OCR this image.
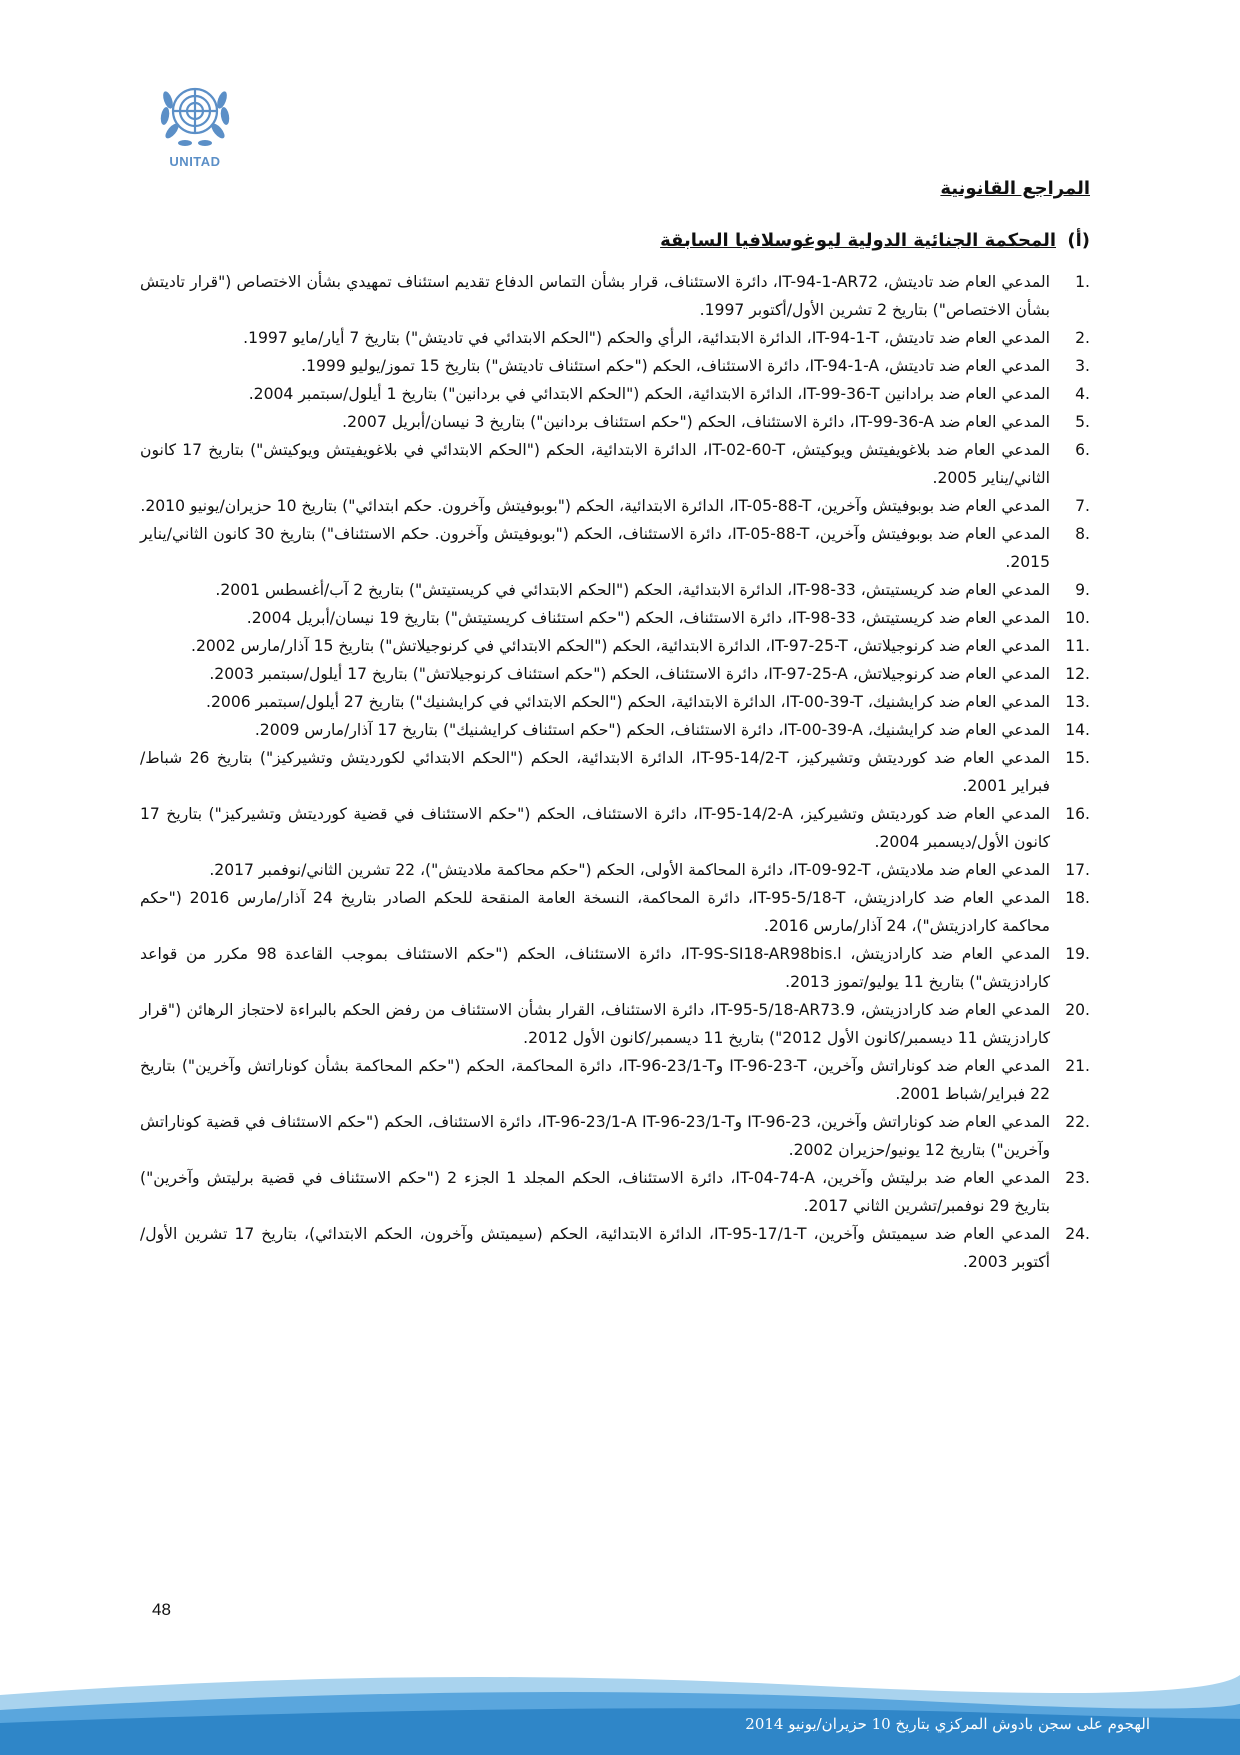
UNITAD
المراجع القانونية
(أ)
المحكمة الجنائية الدولية ليوغوسلافيا السابقة
1.
المدعي العام ضد تاديتش، IT-94-1-AR72، دائرة الاستئناف، قرار بشأن التماس الدفاع تقديم استئناف تمهيدي بشأن الاختصاص ("قرار تاديتش بشأن الاختصاص") بتاريخ 2 تشرين الأول/أكتوبر 1997.
2.
المدعي العام ضد تاديتش، IT-94-1-T، الدائرة الابتدائية، الرأي والحكم ("الحكم الابتدائي في تاديتش") بتاريخ 7 أيار/مايو 1997.
3.
المدعي العام ضد تاديتش، IT-94-1-A، دائرة الاستئناف، الحكم ("حكم استئناف تاديتش") بتاريخ 15 تموز/يوليو 1999.
4.
المدعي العام ضد برادانين IT-99-36-T، الدائرة الابتدائية، الحكم ("الحكم الابتدائي في بردانين") بتاريخ 1 أيلول/سبتمبر 2004.
5.
المدعي العام ضد IT-99-36-A، دائرة الاستئناف، الحكم ("حكم استئناف بردانين") بتاريخ 3 نيسان/أبريل 2007.
6.
المدعي العام ضد بلاغويفيتش ويوكيتش، IT-02-60-T، الدائرة الابتدائية، الحكم ("الحكم الابتدائي في بلاغويفيتش ويوكيتش") بتاريخ 17 كانون الثاني/يناير 2005.
7.
المدعي العام ضد بوبوفيتش وآخرين، IT-05-88-T، الدائرة الابتدائية، الحكم ("بوبوفيتش وآخرون. حكم ابتدائي") بتاريخ 10 حزيران/يونيو 2010.
8.
المدعي العام ضد بوبوفيتش وآخرين، IT-05-88-T، دائرة الاستئناف، الحكم ("بوبوفيتش وآخرون. حكم الاستئناف") بتاريخ 30 كانون الثاني/يناير 2015.
9.
المدعي العام ضد كريستيتش، IT-98-33، الدائرة الابتدائية، الحكم ("الحكم الابتدائي في كريستيتش") بتاريخ 2 آب/أغسطس 2001.
10.
المدعي العام ضد كريستيتش، IT-98-33، دائرة الاستئناف، الحكم ("حكم استئناف كريستيتش") بتاريخ 19 نيسان/أبريل 2004.
11.
المدعي العام ضد كرنوجيلاتش، IT-97-25-T، الدائرة الابتدائية، الحكم ("الحكم الابتدائي في كرنوجيلاتش") بتاريخ 15 آذار/مارس 2002.
12.
المدعي العام ضد كرنوجيلاتش، IT-97-25-A، دائرة الاستئناف، الحكم ("حكم استئناف كرنوجيلاتش") بتاريخ 17 أيلول/سبتمبر 2003.
13.
المدعي العام ضد كرايشنيك، IT-00-39-T، الدائرة الابتدائية، الحكم ("الحكم الابتدائي في كرايشنيك") بتاريخ 27 أيلول/سبتمبر 2006.
14.
المدعي العام ضد كرايشنيك، IT-00-39-A، دائرة الاستئناف، الحكم ("حكم استئناف كرايشنيك") بتاريخ 17 آذار/مارس 2009.
15.
المدعي العام ضد كورديتش وتشيركيز، IT-95-14/2-T، الدائرة الابتدائية، الحكم ("الحكم الابتدائي لكورديتش وتشيركيز") بتاريخ 26 شباط/فبراير 2001.
16.
المدعي العام ضد كورديتش وتشيركيز، IT-95-14/2-A، دائرة الاستئناف، الحكم ("حكم الاستئناف في قضية كورديتش وتشيركيز") بتاريخ 17 كانون الأول/ديسمبر 2004.
17.
المدعي العام ضد ملاديتش، IT-09-92-T، دائرة المحاكمة الأولى، الحكم ("حكم محاكمة ملاديتش")، 22 تشرين الثاني/نوفمبر 2017.
18.
المدعي العام ضد كارادزيتش، IT-95-5/18-T، دائرة المحاكمة، النسخة العامة المنقحة للحكم الصادر بتاريخ 24 آذار/مارس 2016 ("حكم محاكمة كارادزيتش")، 24 آذار/مارس 2016.
19.
المدعي العام ضد كارادزيتش، IT-9S-SI18-AR98bis.l، دائرة الاستئناف، الحكم ("حكم الاستئناف بموجب القاعدة 98 مكرر من قواعد كارادزيتش") بتاريخ 11 يوليو/تموز 2013.
20.
المدعي العام ضد كارادزيتش، IT-95-5/18-AR73.9، دائرة الاستئناف، القرار بشأن الاستئناف من رفض الحكم بالبراءة لاحتجاز الرهائن ("قرار كارادزيتش 11 ديسمبر/كانون الأول 2012") بتاريخ 11 ديسمبر/كانون الأول 2012.
21.
المدعي العام ضد كوناراتش وآخرين، IT-96-23-T وIT-96-23/1-T، دائرة المحاكمة، الحكم ("حكم المحاكمة بشأن كوناراتش وآخرين") بتاريخ 22 فبراير/شباط 2001.
22.
المدعي العام ضد كوناراتش وآخرين، IT-96-23 وIT-96-23/1-A IT-96-23/1-T، دائرة الاستئناف، الحكم ("حكم الاستئناف في قضية كوناراتش وآخرين") بتاريخ 12 يونيو/حزيران 2002.
23.
المدعي العام ضد برليتش وآخرين، IT-04-74-A، دائرة الاستئناف، الحكم المجلد 1 الجزء 2 ("حكم الاستئناف في قضية برليتش وآخرين") بتاريخ 29 نوفمبر/تشرين الثاني 2017.
24.
المدعي العام ضد سيميتش وآخرين، IT-95-17/1-T، الدائرة الابتدائية، الحكم (سيميتش وآخرون، الحكم الابتدائي)، بتاريخ 17 تشرين الأول/أكتوبر 2003.
48
الهجوم على سجن بادوش المركزي بتاريخ 10 حزيران/يونيو 2014
